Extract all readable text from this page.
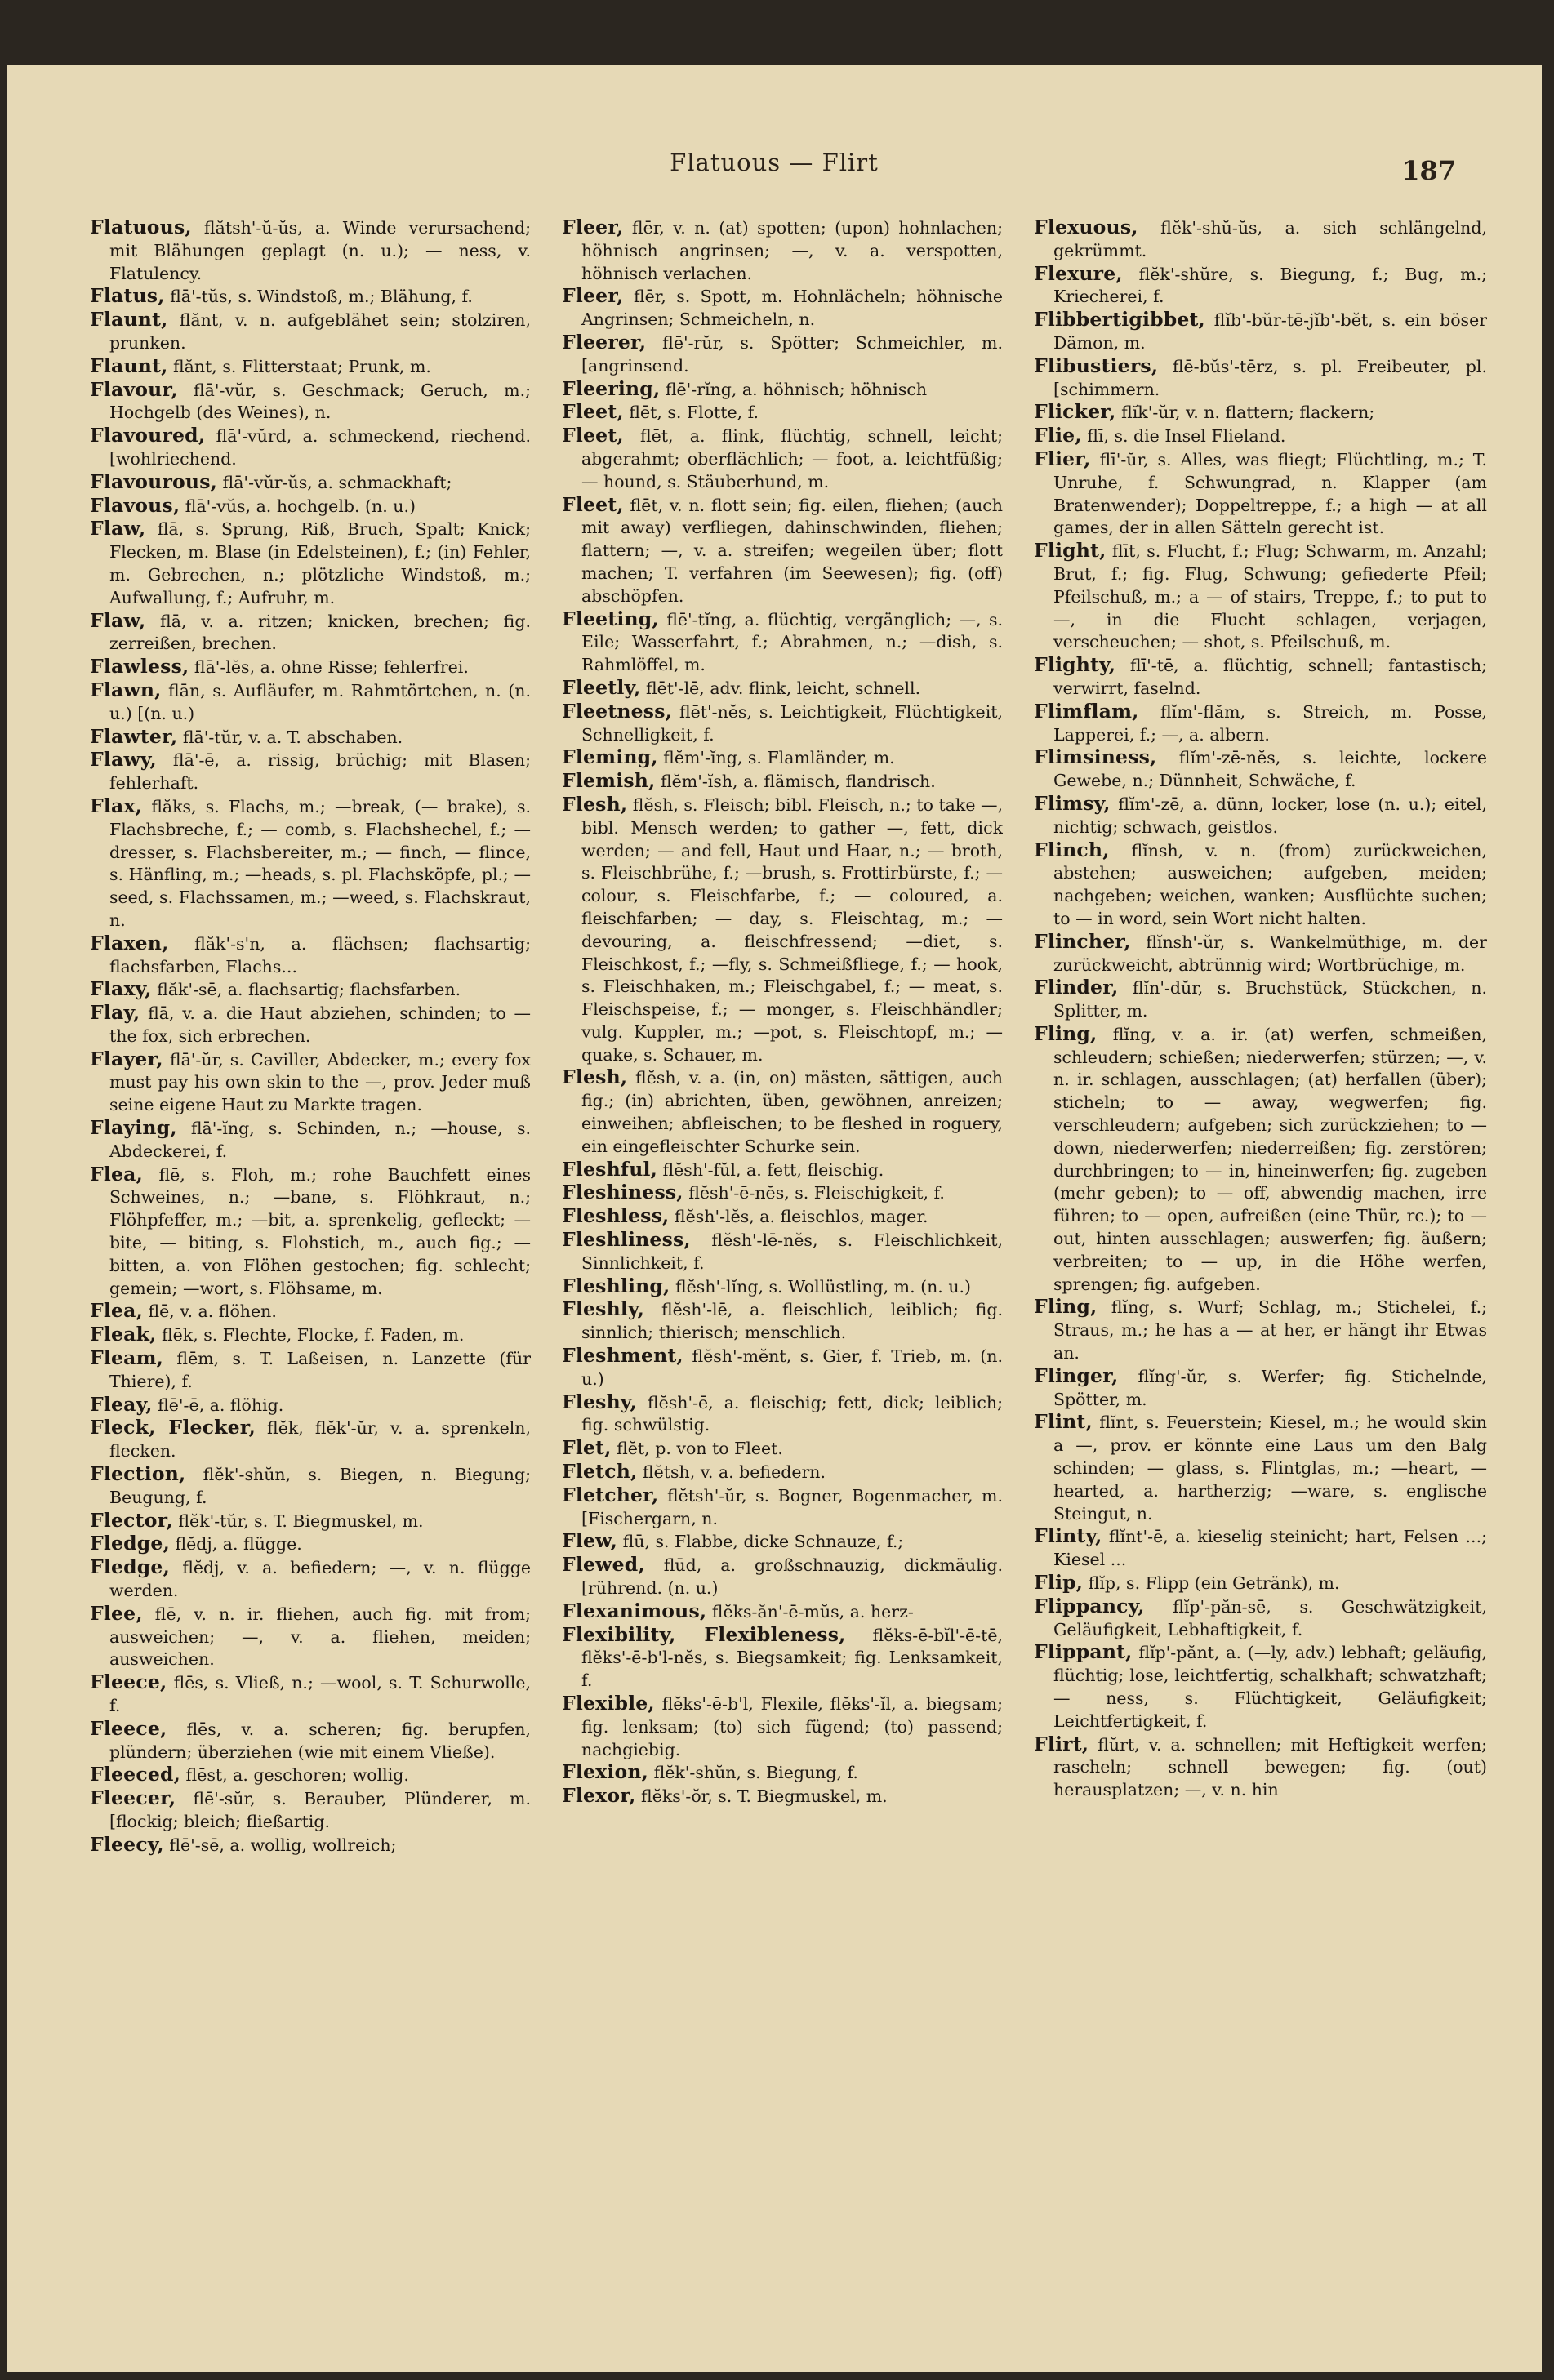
Flatuous — Flirt	187

Flatuous, flătsh'-ŭ-ŭs, a. Winde verursachend; mit Blähungen geplagt (n. u.); — ness, v. Flatulency.

Flatus, flā'-tŭs, s. Windstoß, m.; Blähung, f.

Flaunt, flănt, v. n. aufgeblähet sein; stolziren, prunken.

Flaunt, flănt, s. Flitterstaat; Prunk, m.

Flavour, flā'-vŭr, s. Geschmack; Geruch, m.; Hochgelb (des Weines), n.

Flavoured, flā'-vŭrd, a. schmeckend, riechend. [wohlriechend.

Flavourous, flā'-vŭr-ŭs, a. schmackhaft;

Flavous, flā'-vŭs, a. hochgelb. (n. u.)

Flaw, flā, s. Sprung, Riß, Bruch, Spalt; Knick; Flecken, m. Blase (in Edelsteinen), f.; (in) Fehler, m. Gebrechen, n.; plötzliche Windstoß, m.; Aufwallung, f.; Aufruhr, m.

Flaw, flā, v. a. ritzen; knicken, brechen; fig. zerreißen, brechen.

Flawless, flā'-lĕs, a. ohne Risse; fehlerfrei.

Flawn, flān, s. Aufläufer, m. Rahmtörtchen, n. (n. u.) [(n. u.)

Flawter, flā'-tŭr, v. a. T. abschaben.

Flawy, flā'-ē, a. rissig, brüchig; mit Blasen; fehlerhaft.

Flax, flăks, s. Flachs, m.; —break, (— brake), s. Flachsbreche, f.; — comb, s. Flachshechel, f.; — dresser, s. Flachsbereiter, m.; — finch, — flince, s. Hänfling, m.; —heads, s. pl. Flachsköpfe, pl.; —seed, s. Flachssamen, m.; —weed, s. Flachskraut, n.

Flaxen, flăk'-s'n, a. flächsen; flachsartig; flachsfarben, Flachs...

Flaxy, flăk'-sē, a. flachsartig; flachsfarben.

Flay, flā, v. a. die Haut abziehen, schinden; to — the fox, sich erbrechen.

Flayer, flā'-ŭr, s. Caviller, Abdecker, m.; every fox must pay his own skin to the —, prov. Jeder muß seine eigene Haut zu Markte tragen.

Flaying, flā'-ĭng, s. Schinden, n.; —house, s. Abdeckerei, f.

Flea, flē, s. Floh, m.; rohe Bauchfett eines Schweines, n.; —bane, s. Flöhkraut, n.; Flöhpfeffer, m.; —bit, a. sprenkelig, gefleckt; — bite, — biting, s. Flohstich, m., auch fig.; —bitten, a. von Flöhen gestochen; fig. schlecht; gemein; —wort, s. Flöhsame, m.

Flea, flē, v. a. flöhen.

Fleak, flēk, s. Flechte, Flocke, f. Faden, m.

Fleam, flēm, s. T. Laßeisen, n. Lanzette (für Thiere), f.

Fleay, flē'-ē, a. flöhig.

Fleck, Flecker, flĕk, flĕk'-ŭr, v. a. sprenkeln, flecken.

Flection, flĕk'-shŭn, s. Biegen, n. Biegung; Beugung, f.

Flector, flĕk'-tŭr, s. T. Biegmuskel, m.

Fledge, flĕdj, a. flügge.

Fledge, flĕdj, v. a. befiedern; —, v. n. flügge werden.

Flee, flē, v. n. ir. fliehen, auch fig. mit from; ausweichen; —, v. a. fliehen, meiden; ausweichen.

Fleece, flēs, s. Vließ, n.; —wool, s. T. Schurwolle, f.

Fleece, flēs, v. a. scheren; fig. berupfen, plündern; überziehen (wie mit einem Vließe).

Fleeced, flēst, a. geschoren; wollig.

Fleecer, flē'-sŭr, s. Berauber, Plünderer, m. [flockig; bleich; fließartig.

Fleecy, flē'-sē, a. wollig, wollreich;

Fleer, flēr, v. n. (at) spotten; (upon) hohnlachen; höhnisch angrinsen; —, v. a. verspotten, höhnisch verlachen.

Fleer, flēr, s. Spott, m. Hohnlächeln; höhnische Angrinsen; Schmeicheln, n.

Fleerer, flē'-rŭr, s. Spötter; Schmeichler, m. [angrinsend.

Fleering, flē'-rĭng, a. höhnisch; höhnisch

Fleet, flēt, s. Flotte, f.

Fleet, flēt, a. flink, flüchtig, schnell, leicht; abgerahmt; oberflächlich; — foot, a. leichtfüßig; — hound, s. Stäuberhund, m.

Fleet, flēt, v. n. flott sein; fig. eilen, fliehen; (auch mit away) verfliegen, dahinschwinden, fliehen; flattern; —, v. a. streifen; wegeilen über; flott machen; T. verfahren (im Seewesen); fig. (off) abschöpfen.

Fleeting, flē'-tĭng, a. flüchtig, vergänglich; —, s. Eile; Wasserfahrt, f.; Abrahmen, n.; —dish, s. Rahmlöffel, m.

Fleetly, flēt'-lē, adv. flink, leicht, schnell.

Fleetness, flēt'-nĕs, s. Leichtigkeit, Flüchtigkeit, Schnelligkeit, f.

Fleming, flĕm'-ĭng, s. Flamländer, m.

Flemish, flĕm'-ĭsh, a. flämisch, flandrisch.

Flesh, flĕsh, s. Fleisch; bibl. Fleisch, n.; to take —, bibl. Mensch werden; to gather —, fett, dick werden; — and fell, Haut und Haar, n.; — broth, s. Fleischbrühe, f.; —brush, s. Frottirbürste, f.; —colour, s. Fleischfarbe, f.; — coloured, a. fleischfarben; — day, s. Fleischtag, m.; —devouring, a. fleischfressend; —diet, s. Fleischkost, f.; —fly, s. Schmeißfliege, f.; — hook, s. Fleischhaken, m.; Fleischgabel, f.; — meat, s. Fleischspeise, f.; — monger, s. Fleischhändler; vulg. Kuppler, m.; —pot, s. Fleischtopf, m.; — quake, s. Schauer, m.

Flesh, flĕsh, v. a. (in, on) mästen, sättigen, auch fig.; (in) abrichten, üben, gewöhnen, anreizen; einweihen; abfleischen; to be fleshed in roguery, ein eingefleischter Schurke sein.

Fleshful, flĕsh'-fŭl, a. fett, fleischig.

Fleshiness, flĕsh'-ē-nĕs, s. Fleischigkeit, f.

Fleshless, flĕsh'-lĕs, a. fleischlos, mager.

Fleshliness, flĕsh'-lē-nĕs, s. Fleischlichkeit, Sinnlichkeit, f.

Fleshling, flĕsh'-lĭng, s. Wollüstling, m. (n. u.)

Fleshly, flĕsh'-lē, a. fleischlich, leiblich; fig. sinnlich; thierisch; menschlich.

Fleshment, flĕsh'-mĕnt, s. Gier, f. Trieb, m. (n. u.)

Fleshy, flĕsh'-ē, a. fleischig; fett, dick; leiblich; fig. schwülstig.

Flet, flĕt, p. von to Fleet.

Fletch, flĕtsh, v. a. befiedern.

Fletcher, flĕtsh'-ŭr, s. Bogner, Bogenmacher, m. [Fischergarn, n.

Flew, flū, s. Flabbe, dicke Schnauze, f.;

Flewed, flūd, a. großschnauzig, dickmäulig. [rührend. (n. u.)

Flexanimous, flĕks-ăn'-ē-mŭs, a. herz-

Flexibility, Flexibleness, flĕks-ē-bĭl'-ē-tē, flĕks'-ē-b'l-nĕs, s. Biegsamkeit; fig. Lenksamkeit, f.

Flexible, flĕks'-ē-b'l, Flexile, flĕks'-ĭl, a. biegsam; fig. lenksam; (to) sich fügend; (to) passend; nachgiebig.

Flexion, flĕk'-shŭn, s. Biegung, f.

Flexor, flĕks'-ŏr, s. T. Biegmuskel, m.

Flexuous, flĕk'-shŭ-ŭs, a. sich schlängelnd, gekrümmt.

Flexure, flĕk'-shŭre, s. Biegung, f.; Bug, m.; Kriecherei, f.

Flibbertigibbet, flĭb'-bŭr-tē-jĭb'-bĕt, s. ein böser Dämon, m.

Flibustiers, flē-bŭs'-tērz, s. pl. Freibeuter, pl. [schimmern.

Flicker, flĭk'-ŭr, v. n. flattern; flackern;

Flie, flī, s. die Insel Flieland.

Flier, flī'-ŭr, s. Alles, was fliegt; Flüchtling, m.; T. Unruhe, f. Schwungrad, n. Klapper (am Bratenwender); Doppeltreppe, f.; a high — at all games, der in allen Sätteln gerecht ist.

Flight, flīt, s. Flucht, f.; Flug; Schwarm, m. Anzahl; Brut, f.; fig. Flug, Schwung; gefiederte Pfeil; Pfeilschuß, m.; a — of stairs, Treppe, f.; to put to —, in die Flucht schlagen, verjagen, verscheuchen; — shot, s. Pfeilschuß, m.

Flighty, flī'-tē, a. flüchtig, schnell; fantastisch; verwirrt, faselnd.

Flimflam, flĭm'-flăm, s. Streich, m. Posse, Lapperei, f.; —, a. albern.

Flimsiness, flĭm'-zē-nĕs, s. leichte, lockere Gewebe, n.; Dünnheit, Schwäche, f.

Flimsy, flĭm'-zē, a. dünn, locker, lose (n. u.); eitel, nichtig; schwach, geistlos.

Flinch, flĭnsh, v. n. (from) zurückweichen, abstehen; ausweichen; aufgeben, meiden; nachgeben; weichen, wanken; Ausflüchte suchen; to — in word, sein Wort nicht halten.

Flincher, flĭnsh'-ŭr, s. Wankelmüthige, m. der zurückweicht, abtrünnig wird; Wortbrüchige, m.

Flinder, flĭn'-dŭr, s. Bruchstück, Stückchen, n. Splitter, m.

Fling, flĭng, v. a. ir. (at) werfen, schmeißen, schleudern; schießen; niederwerfen; stürzen; —, v. n. ir. schlagen, ausschlagen; (at) herfallen (über); sticheln; to — away, wegwerfen; fig. verschleudern; aufgeben; sich zurückziehen; to — down, niederwerfen; niederreißen; fig. zerstören; durchbringen; to — in, hineinwerfen; fig. zugeben (mehr geben); to — off, abwendig machen, irre führen; to — open, aufreißen (eine Thür, rc.); to — out, hinten ausschlagen; auswerfen; fig. äußern; verbreiten; to — up, in die Höhe werfen, sprengen; fig. aufgeben.

Fling, flĭng, s. Wurf; Schlag, m.; Stichelei, f.; Straus, m.; he has a — at her, er hängt ihr Etwas an.

Flinger, flĭng'-ŭr, s. Werfer; fig. Stichelnde, Spötter, m.

Flint, flĭnt, s. Feuerstein; Kiesel, m.; he would skin a —, prov. er könnte eine Laus um den Balg schinden; — glass, s. Flintglas, m.; —heart, — hearted, a. hartherzig; —ware, s. englische Steingut, n.

Flinty, flĭnt'-ē, a. kieselig steinicht; hart, Felsen ...; Kiesel ...

Flip, flĭp, s. Flipp (ein Getränk), m.

Flippancy, flĭp'-păn-sē, s. Geschwätzigkeit, Geläufigkeit, Lebhaftigkeit, f.

Flippant, flĭp'-pănt, a. (—ly, adv.) lebhaft; geläufig, flüchtig; lose, leichtfertig, schalkhaft; schwatzhaft; — ness, s. Flüchtigkeit, Geläufigkeit; Leichtfertigkeit, f.

Flirt, flŭrt, v. a. schnellen; mit Heftigkeit werfen; rascheln; schnell bewegen; fig. (out) herausplatzen; —, v. n. hin
